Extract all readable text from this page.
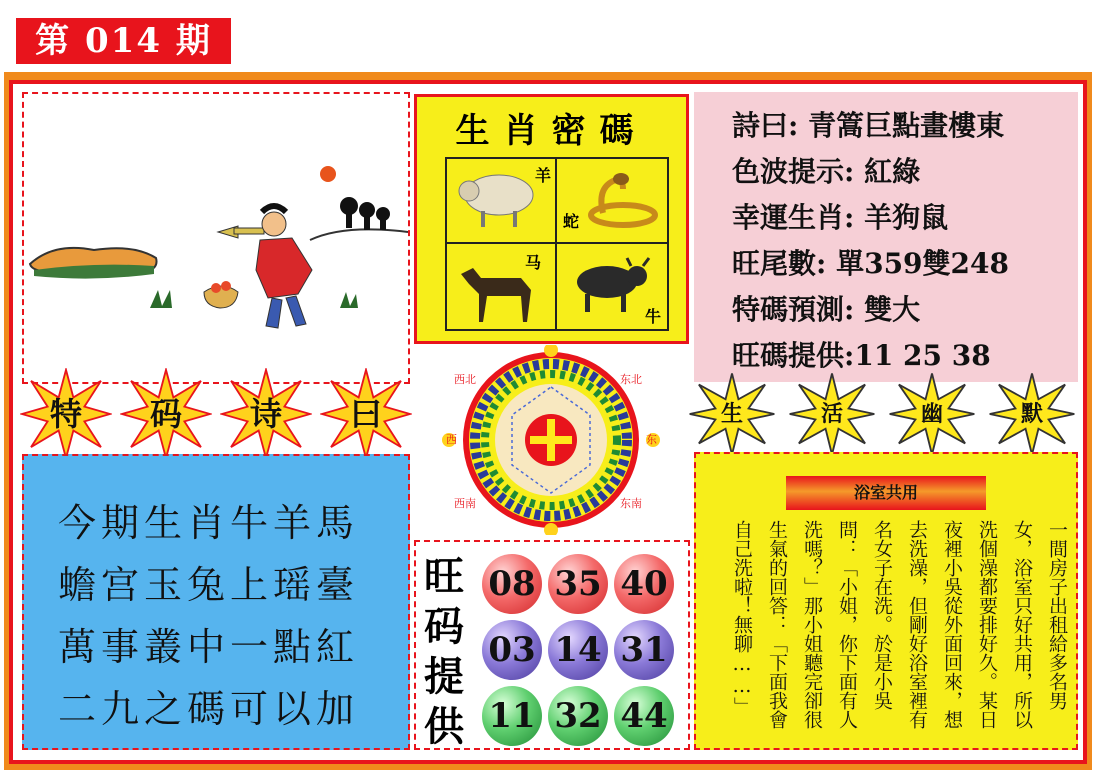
第 014 期
生肖密碼
羊
蛇
马
牛
詩曰: 青篙巨點畫樓東
色波提示: 紅綠
幸運生肖: 羊狗鼠
旺尾數: 單359雙248
特碼預測: 雙大
旺碼提供:11 25 38
特	码	诗	曰	生	活	幽	默
西北	东北
西	东
西南	东南
今期生肖牛羊馬
蟾宫玉兔上瑶臺
萬事叢中一點紅
二九之碼可以加
旺码提供
08 35 40
03 14 31
11 32 44
浴室共用
一間房子出租給多名男
女，浴室只好共用，所以
洗個澡都要排好久。某日
夜裡小吳從外面回來，想
去洗澡，但剛好浴室裡有
名女子在洗。於是小吳
問：「小姐，你下面有人
洗嗎？」那小姐聽完卻很
生氣的回答：「下面我會
自己洗啦！無聊……」
